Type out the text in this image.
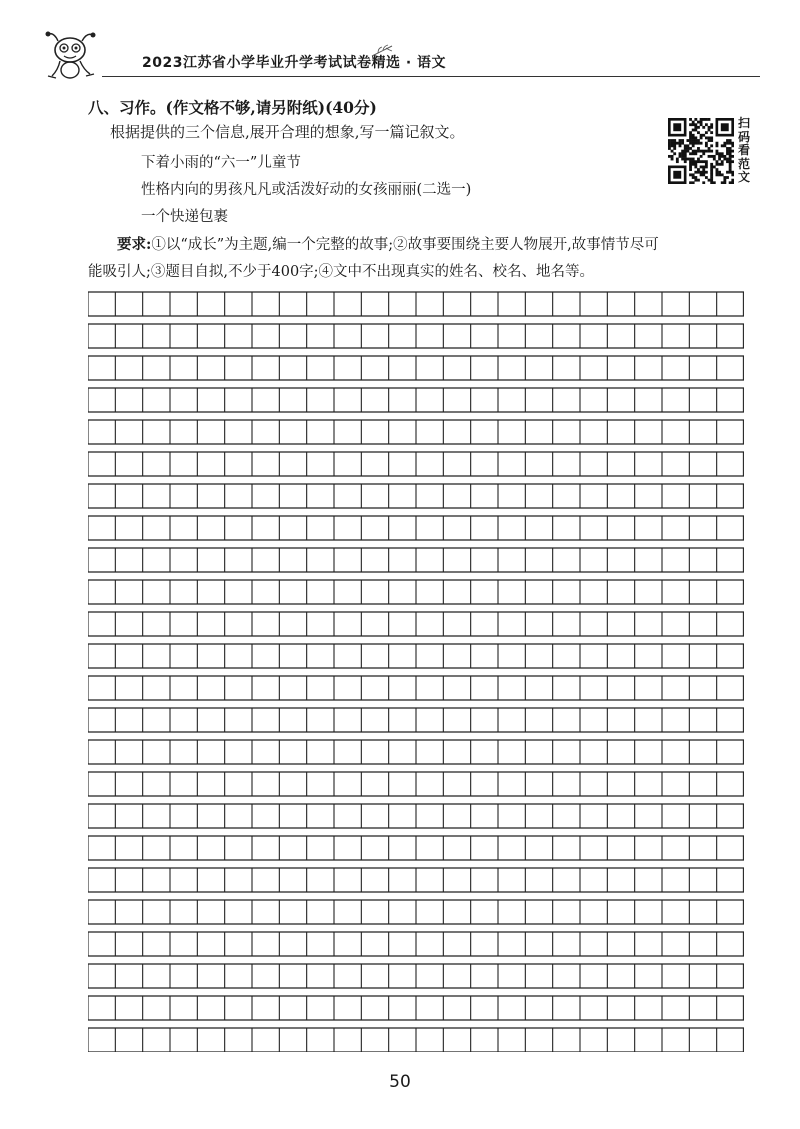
2023江苏省小学毕业升学考试试卷精选 · 语文
八、习作。(作文格不够,请另附纸)(40分)
根据提供的三个信息,展开合理的想象,写一篇记叙文。
下着小雨的“六一”儿童节
性格内向的男孩凡凡或活泼好动的女孩丽丽(二选一)
一个快递包裹
要求:①以“成长”为主题,编一个完整的故事;②故事要围绕主要人物展开,故事情节尽可
能吸引人;③题目自拟,不少于400字;④文中不出现真实的姓名、校名、地名等。
扫码看范文
50
